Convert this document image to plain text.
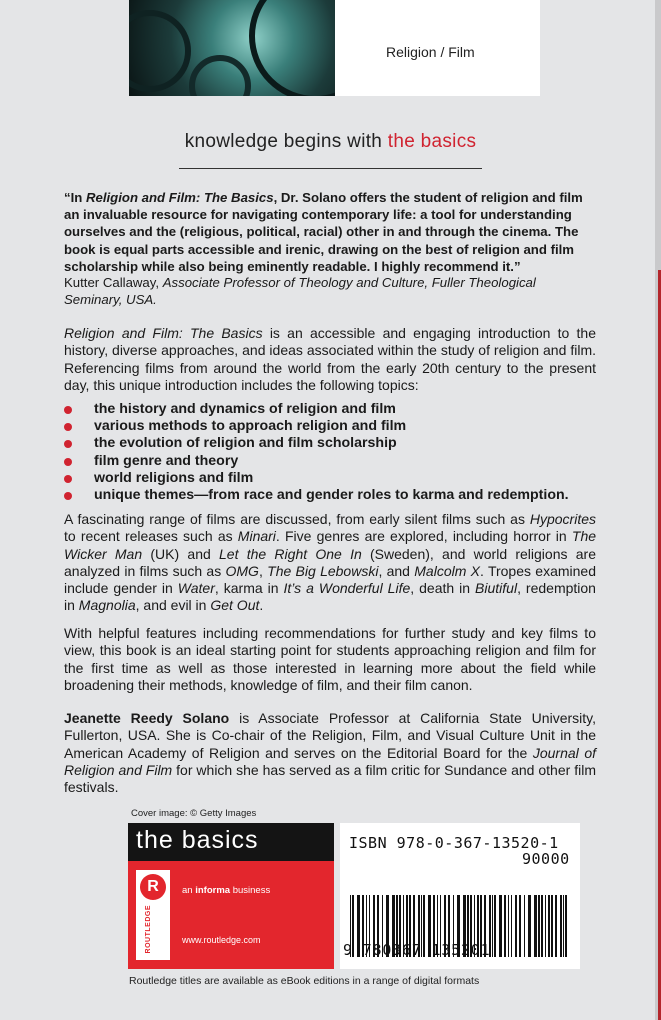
Religion / Film
knowledge begins with the basics
“In Religion and Film: The Basics, Dr. Solano offers the student of religion and film an invaluable resource for navigating contemporary life: a tool for understanding ourselves and the (religious, political, racial) other in and through the cinema. The book is equal parts accessible and irenic, drawing on the best of religion and film scholarship while also being eminently readable. I highly recommend it.”
Kutter Callaway, Associate Professor of Theology and Culture, Fuller Theological Seminary, USA.
Religion and Film: The Basics is an accessible and engaging introduction to the history, diverse approaches, and ideas associated within the study of religion and film. Referencing films from around the world from the early 20th century to the present day, this unique introduction includes the following topics:
the history and dynamics of religion and film
various methods to approach religion and film
the evolution of religion and film scholarship
film genre and theory
world religions and film
unique themes—from race and gender roles to karma and redemption.
A fascinating range of films are discussed, from early silent films such as Hypocrites to recent releases such as Minari. Five genres are explored, including horror in The Wicker Man (UK) and Let the Right One In (Sweden), and world religions are analyzed in films such as OMG, The Big Lebowski, and Malcolm X. Tropes examined include gender in Water, karma in It’s a Wonderful Life, death in Biutiful, redemption in Magnolia, and evil in Get Out.
With helpful features including recommendations for further study and key films to view, this book is an ideal starting point for students approaching religion and film for the first time as well as those interested in learning more about the field while broadening their methods, knowledge of film, and their film canon.
Jeanette Reedy Solano is Associate Professor at California State University, Fullerton, USA. She is Co-chair of the Religion, Film, and Visual Culture Unit in the American Academy of Religion and serves on the Editorial Board for the Journal of Religion and Film for which she has served as a film critic for Sundance and other film festivals.
Cover image: © Getty Images
the basics
R
ROUTLEDGE
an informa business
www.routledge.com
ISBN 978-0-367-13520-1
90000
9 780367 135201
Routledge titles are available as eBook editions in a range of digital formats
